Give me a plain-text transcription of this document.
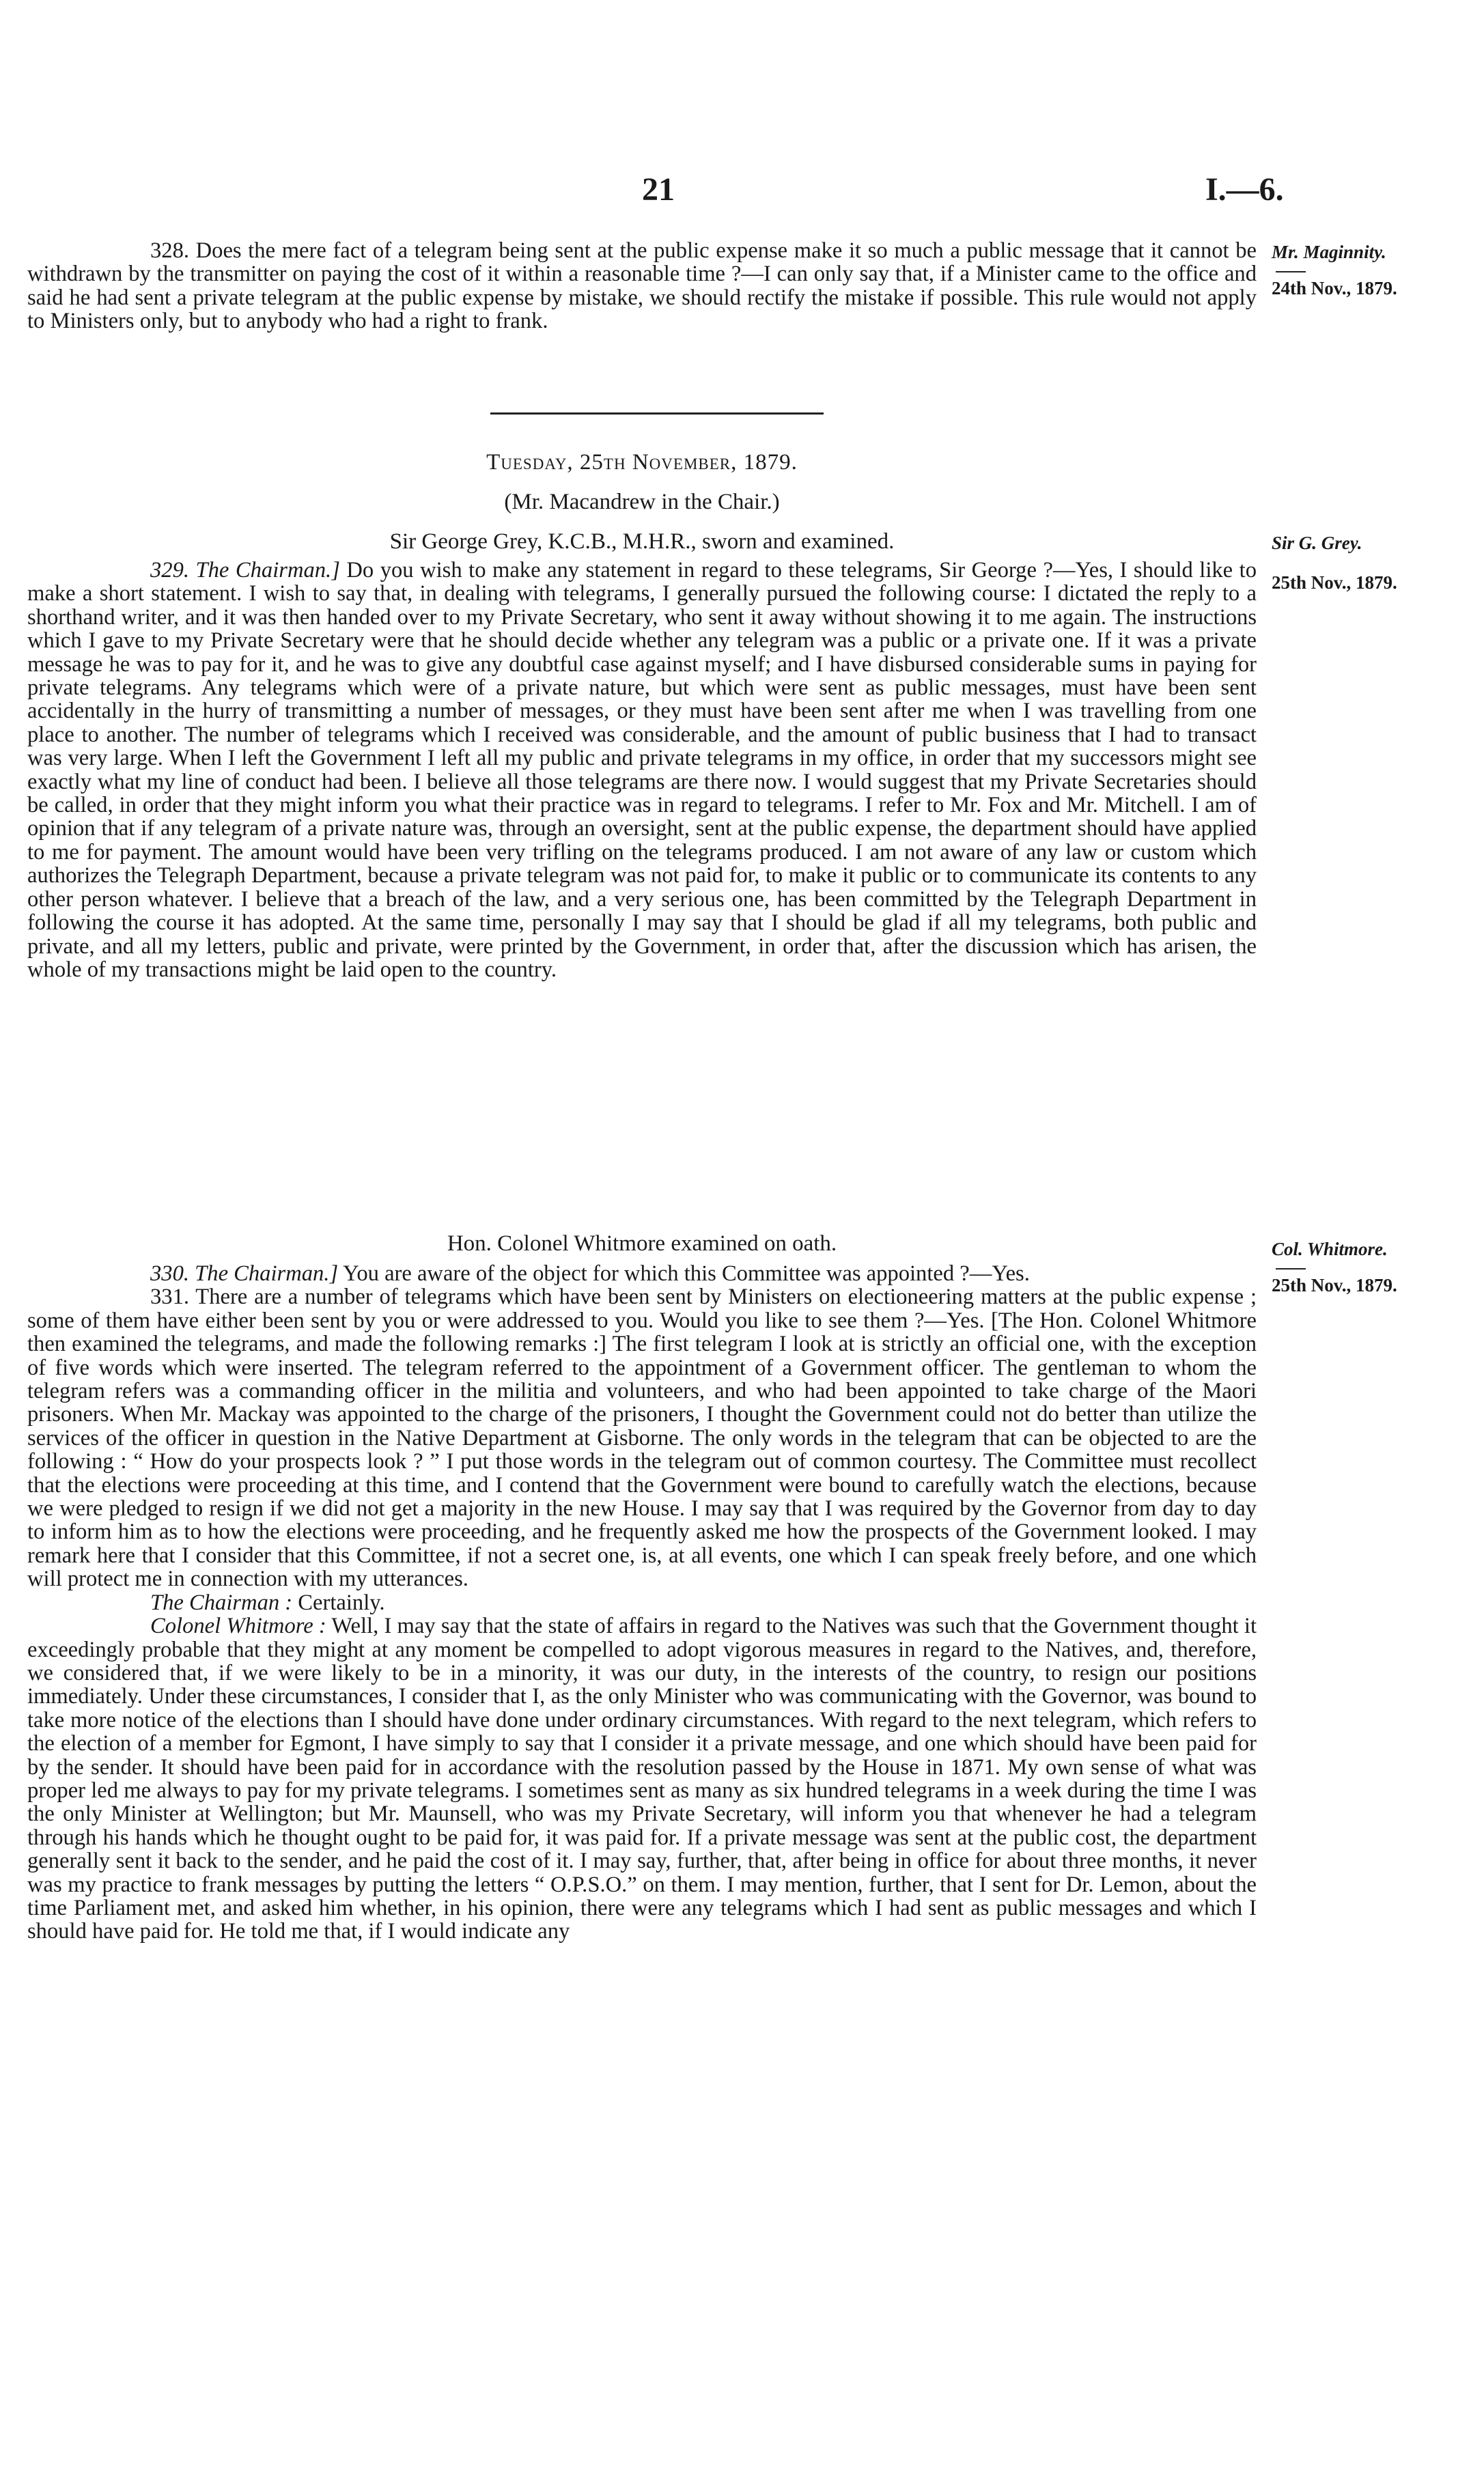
21	I.—6.

328. Does the mere fact of a telegram being sent at the public expense make it so much a public message that it cannot be withdrawn by the transmitter on paying the cost of it within a reasonable time ?—I can only say that, if a Minister came to the office and said he had sent a private telegram at the public expense by mistake, we should rectify the mistake if possible. This rule would not apply to Ministers only, but to anybody who had a right to frank.

Mr. Maginnity.
24th Nov., 1879.

Tuesday, 25th November, 1879.

(Mr. Macandrew in the Chair.)

Sir George Grey, K.C.B., M.H.R., sworn and examined.	Sir G. Grey.
25th Nov., 1879.

329. The Chairman.] Do you wish to make any statement in regard to these telegrams, Sir George ?—Yes, I should like to make a short statement. I wish to say that, in dealing with telegrams, I generally pursued the following course: I dictated the reply to a shorthand writer, and it was then handed over to my Private Secretary, who sent it away without showing it to me again. The instructions which I gave to my Private Secretary were that he should decide whether any telegram was a public or a private one. If it was a private message he was to pay for it, and he was to give any doubtful case against myself; and I have disbursed considerable sums in paying for private telegrams. Any telegrams which were of a private nature, but which were sent as public messages, must have been sent accidentally in the hurry of transmitting a number of messages, or they must have been sent after me when I was travelling from one place to another. The number of telegrams which I received was considerable, and the amount of public business that I had to transact was very large. When I left the Government I left all my public and private telegrams in my office, in order that my successors might see exactly what my line of conduct had been. I believe all those telegrams are there now. I would suggest that my Private Secretaries should be called, in order that they might inform you what their practice was in regard to telegrams. I refer to Mr. Fox and Mr. Mitchell. I am of opinion that if any telegram of a private nature was, through an oversight, sent at the public expense, the department should have applied to me for payment. The amount would have been very trifling on the telegrams produced. I am not aware of any law or custom which authorizes the Telegraph Department, because a private telegram was not paid for, to make it public or to communicate its contents to any other person whatever. I believe that a breach of the law, and a very serious one, has been committed by the Telegraph Department in following the course it has adopted. At the same time, personally I may say that I should be glad if all my telegrams, both public and private, and all my letters, public and private, were printed by the Government, in order that, after the discussion which has arisen, the whole of my transactions might be laid open to the country.

Hon. Colonel Whitmore examined on oath.	Col. Whitmore.
25th Nov., 1879.

330. The Chairman.] You are aware of the object for which this Committee was appointed ?—Yes.

331. There are a number of telegrams which have been sent by Ministers on electioneering matters at the public expense ; some of them have either been sent by you or were addressed to you. Would you like to see them ?—Yes. [The Hon. Colonel Whitmore then examined the telegrams, and made the following remarks :] The first telegram I look at is strictly an official one, with the exception of five words which were inserted. The telegram referred to the appointment of a Government officer. The gentleman to whom the telegram refers was a commanding officer in the militia and volunteers, and who had been appointed to take charge of the Maori prisoners. When Mr. Mackay was appointed to the charge of the prisoners, I thought the Government could not do better than utilize the services of the officer in question in the Native Department at Gisborne. The only words in the telegram that can be objected to are the following : “ How do your prospects look ? ” I put those words in the telegram out of common courtesy. The Committee must recollect that the elections were proceeding at this time, and I contend that the Government were bound to carefully watch the elections, because we were pledged to resign if we did not get a majority in the new House. I may say that I was required by the Governor from day to day to inform him as to how the elections were proceeding, and he frequently asked me how the prospects of the Government looked. I may remark here that I consider that this Committee, if not a secret one, is, at all events, one which I can speak freely before, and one which will protect me in connection with my utterances.

The Chairman : Certainly.

Colonel Whitmore : Well, I may say that the state of affairs in regard to the Natives was such that the Government thought it exceedingly probable that they might at any moment be compelled to adopt vigorous measures in regard to the Natives, and, therefore, we considered that, if we were likely to be in a minority, it was our duty, in the interests of the country, to resign our positions immediately. Under these circumstances, I consider that I, as the only Minister who was communicating with the Governor, was bound to take more notice of the elections than I should have done under ordinary circumstances. With regard to the next telegram, which refers to the election of a member for Egmont, I have simply to say that I consider it a private message, and one which should have been paid for by the sender. It should have been paid for in accordance with the resolution passed by the House in 1871. My own sense of what was proper led me always to pay for my private telegrams. I sometimes sent as many as six hundred telegrams in a week during the time I was the only Minister at Wellington; but Mr. Maunsell, who was my Private Secretary, will inform you that whenever he had a telegram through his hands which he thought ought to be paid for, it was paid for. If a private message was sent at the public cost, the department generally sent it back to the sender, and he paid the cost of it. I may say, further, that, after being in office for about three months, it never was my practice to frank messages by putting the letters “ O.P.S.O.” on them. I may mention, further, that I sent for Dr. Lemon, about the time Parliament met, and asked him whether, in his opinion, there were any telegrams which I had sent as public messages and which I should have paid for. He told me that, if I would indicate any
